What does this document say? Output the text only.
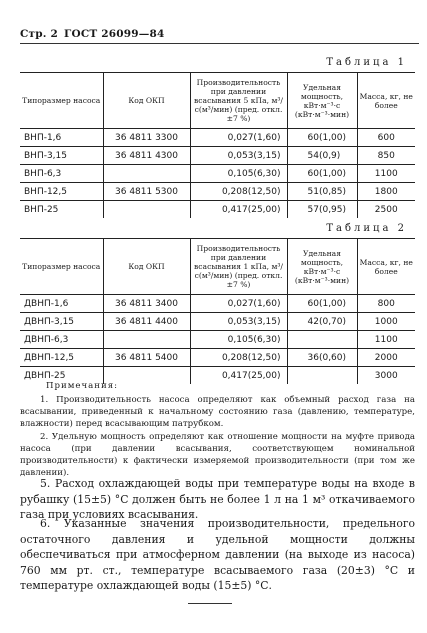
Стр. 2 ГОСТ 26099—84
Таблица 1
Типоразмер насоса	Код ОКП	Производительность при давлении всасывания 5 кПа, м³/с(м³/мин) (пред. откл. ±7 %)	Удельная мощность, кВт·м⁻³·с (кВт·м⁻³·мин)	Масса, кг, не более
ВНП-1,6	36 4811 3300	0,027(1,60)	60(1,00)	600
ВНП-3,15	36 4811 4300	0,053(3,15)	54(0,9)	850
ВНП-6,3		0,105(6,30)	60(1,00)	1100
ВНП-12,5	36 4811 5300	0,208(12,50)	51(0,85)	1800
ВНП-25		0,417(25,00)	57(0,95)	2500
Таблица 2
Типоразмер насоса	Код ОКП	Производительность при давлении всасывания 1 кПа, м³/с(м³/мин) (пред. откл. ±7 %)	Удельная мощность, кВт·м⁻³·с (кВт·м⁻³·мин)	Масса, кг, не более
ДВНП-1,6	36 4811 3400	0,027(1,60)	60(1,00)	800
ДВНП-3,15	36 4811 4400	0,053(3,15)	42(0,70)	1000
ДВНП-6,3		0,105(6,30)		1100
ДВНП-12,5	36 4811 5400	0,208(12,50)	36(0,60)	2000
ДВНП-25		0,417(25,00)		3000
Примечания:
1. Производительность насоса определяют как объемный расход газа на всасывании, приведенный к начальному состоянию газа (давлению, температуре, влажности) перед всасывающим патрубком.
2. Удельную мощность определяют как отношение мощности на муфте привода насоса (при давлении всасывания, соответствующем номинальной производительности) к фактически измеряемой производительности (при том же давлении).
5. Расход охлаждающей воды при температуре воды на входе в рубашку (15±5) °С должен быть не более 1 л на 1 м³ откачиваемого газа при условиях всасывания.
6. Указанные значения производительности, предельного остаточного давления и удельной мощности должны обеспечиваться при атмосферном давлении (на выходе из насоса) 760 мм рт. ст., температуре всасываемого газа (20±3) °С и температуре охлаждающей воды (15±5) °С.
